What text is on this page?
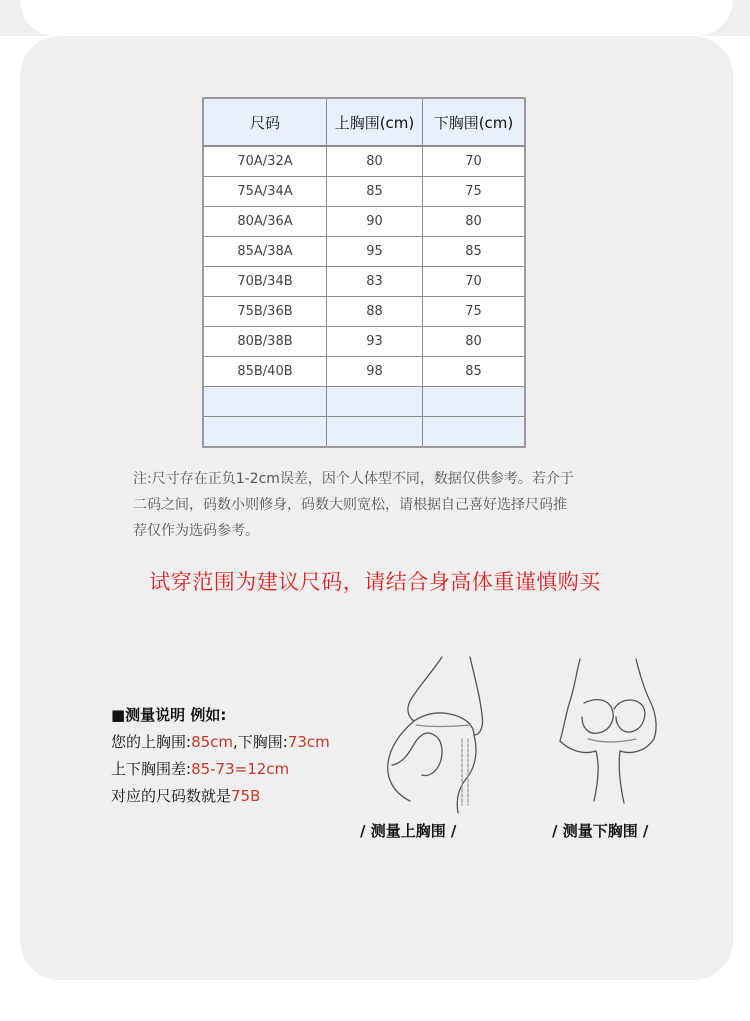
尺码	上胸围(cm)	下胸围(cm)
70A/32A	80	70
75A/34A	85	75
80A/36A	90	80
85A/38A	95	85
70B/34B	83	70
75B/36B	88	75
80B/38B	93	80
85B/40B	98	85

注:尺寸存在正负1-2cm误差，因个人体型不同，数据仅供参考。若介于
二码之间，码数小则修身，码数大则宽松，请根据自己喜好选择尺码推
荐仅作为选码参考。
试穿范围为建议尺码，请结合身高体重谨慎购买
■测量说明 例如:
您的上胸围:85cm,下胸围:73cm
上下胸围差:85-73=12cm
对应的尺码数就是75B
/ 测量上胸围 /	/ 测量下胸围 /
